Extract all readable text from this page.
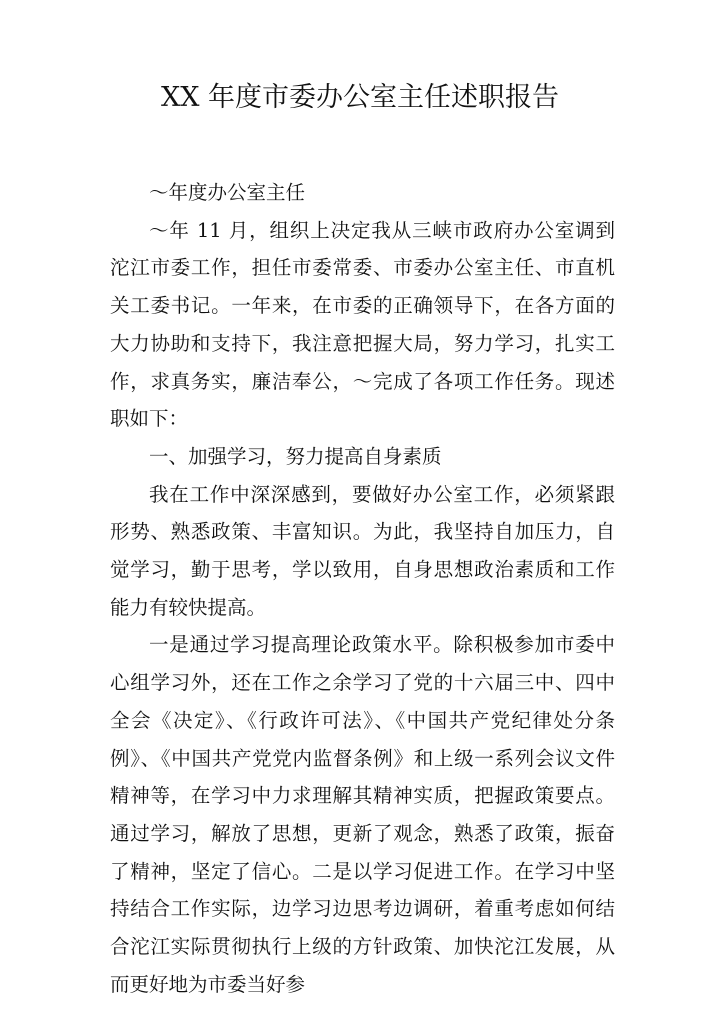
XX 年度市委办公室主任述职报告

～年度办公室主任

～年 11 月，组织上决定我从三峡市政府办公室调到沱江市委工作，担任市委常委、市委办公室主任、市直机关工委书记。一年来，在市委的正确领导下，在各方面的大力协助和支持下，我注意把握大局，努力学习，扎实工作，求真务实，廉洁奉公，～完成了各项工作任务。现述职如下：

一、加强学习，努力提高自身素质

我在工作中深深感到，要做好办公室工作，必须紧跟形势、熟悉政策、丰富知识。为此，我坚持自加压力，自觉学习，勤于思考，学以致用，自身思想政治素质和工作能力有较快提高。

一是通过学习提高理论政策水平。除积极参加市委中心组学习外，还在工作之余学习了党的十六届三中、四中全会《决定》、《行政许可法》、《中国共产党纪律处分条例》、《中国共产党党内监督条例》和上级一系列会议文件精神等，在学习中力求理解其精神实质，把握政策要点。通过学习，解放了思想，更新了观念，熟悉了政策，振奋了精神，坚定了信心。二是以学习促进工作。在学习中坚持结合工作实际，边学习边思考边调研，着重考虑如何结合沱江实际贯彻执行上级的方针政策、加快沱江发展，从而更好地为市委当好参
